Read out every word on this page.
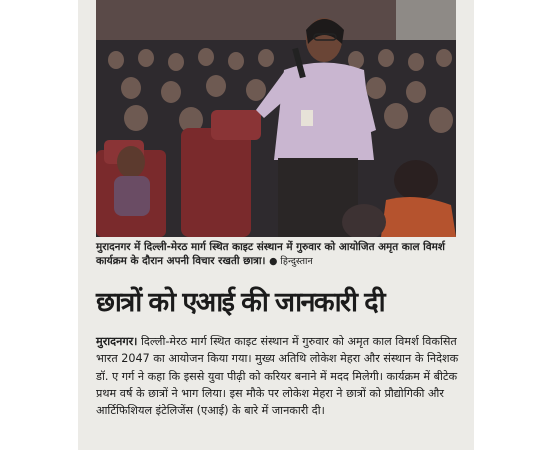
मुरादनगर में दिल्ली-मेरठ मार्ग स्थित काइट संस्थान में गुरुवार को आयोजित अमृत काल विमर्श कार्यक्रम के दौरान अपनी विचार रखती छात्रा। ● हिन्दुस्तान
छात्रों को एआई की जानकारी दी
मुरादनगर। दिल्ली-मेरठ मार्ग स्थित काइट संस्थान में गुरुवार को अमृत काल विमर्श विकसित भारत 2047 का आयोजन किया गया। मुख्य अतिथि लोकेश मेहरा और संस्थान के निदेशक डॉ. ए गर्ग ने कहा कि इससे युवा पीढ़ी को करियर बनाने में मदद मिलेगी। कार्यक्रम में बीटेक प्रथम वर्ष के छात्रों ने भाग लिया। इस मौके पर लोकेश मेहरा ने छात्रों को प्रौद्योगिकी और आर्टिफिशियल इंटेलिजेंस (एआई) के बारे में जानकारी दी।
